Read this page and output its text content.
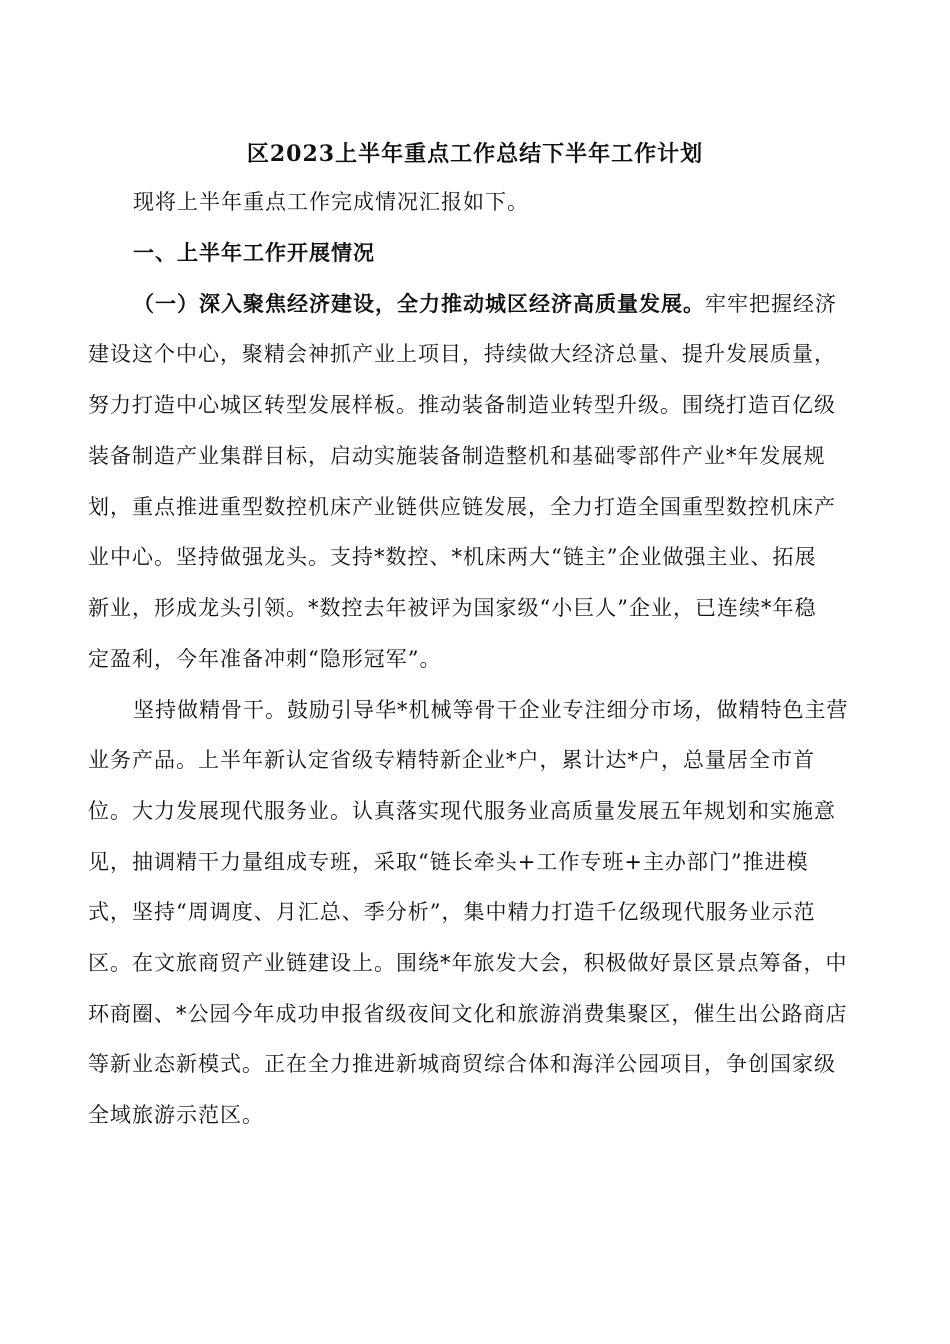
区2023上半年重点工作总结下半年工作计划
现将上半年重点工作完成情况汇报如下。
一、上半年工作开展情况
（一）深入聚焦经济建设，全力推动城区经济高质量发展。牢牢把握经济
建设这个中心，聚精会神抓产业上项目，持续做大经济总量、提升发展质量，
努力打造中心城区转型发展样板。推动装备制造业转型升级。围绕打造百亿级
装备制造产业集群目标，启动实施装备制造整机和基础零部件产业*年发展规
划，重点推进重型数控机床产业链供应链发展，全力打造全国重型数控机床产
业中心。坚持做强龙头。支持*数控、*机床两大“链主”企业做强主业、拓展
新业，形成龙头引领。*数控去年被评为国家级“小巨人”企业，已连续*年稳
定盈利，今年准备冲刺“隐形冠军”。
坚持做精骨干。鼓励引导华*机械等骨干企业专注细分市场，做精特色主营
业务产品。上半年新认定省级专精特新企业*户，累计达*户，总量居全市首
位。大力发展现代服务业。认真落实现代服务业高质量发展五年规划和实施意
见，抽调精干力量组成专班，采取“链长牵头+工作专班+主办部门”推进模
式，坚持“周调度、月汇总、季分析”，集中精力打造千亿级现代服务业示范
区。在文旅商贸产业链建设上。围绕*年旅发大会，积极做好景区景点筹备，中
环商圈、*公园今年成功申报省级夜间文化和旅游消费集聚区，催生出公路商店
等新业态新模式。正在全力推进新城商贸综合体和海洋公园项目，争创国家级
全域旅游示范区。
